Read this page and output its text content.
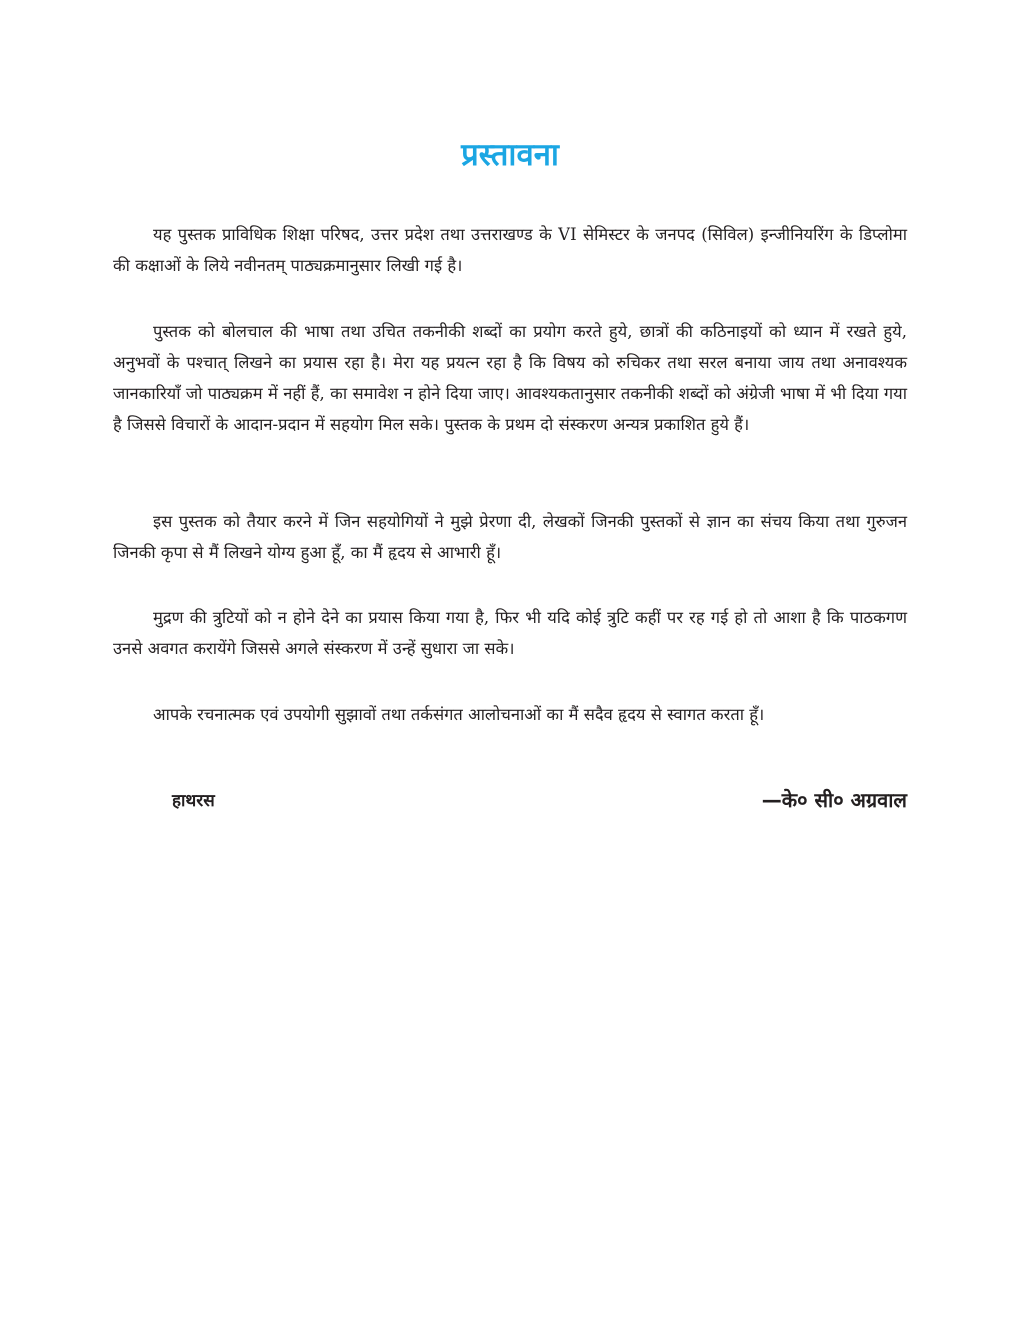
प्रस्तावना

यह पुस्तक प्राविधिक शिक्षा परिषद, उत्तर प्रदेश तथा उत्तराखण्ड के VI सेमिस्टर के जनपद (सिविल) इन्जीनियरिंग के डिप्लोमा की कक्षाओं के लिये नवीनतम् पाठ्यक्रमानुसार लिखी गई है।

पुस्तक को बोलचाल की भाषा तथा उचित तकनीकी शब्दों का प्रयोग करते हुये, छात्रों की कठिनाइयों को ध्यान में रखते हुये, अनुभवों के पश्चात् लिखने का प्रयास रहा है। मेरा यह प्रयत्न रहा है कि विषय को रुचिकर तथा सरल बनाया जाय तथा अनावश्यक जानकारियाँ जो पाठ्यक्रम में नहीं हैं, का समावेश न होने दिया जाए। आवश्यकतानुसार तकनीकी शब्दों को अंग्रेजी भाषा में भी दिया गया है जिससे विचारों के आदान-प्रदान में सहयोग मिल सके। पुस्तक के प्रथम दो संस्करण अन्यत्र प्रकाशित हुये हैं।

इस पुस्तक को तैयार करने में जिन सहयोगियों ने मुझे प्रेरणा दी, लेखकों जिनकी पुस्तकों से ज्ञान का संचय किया तथा गुरुजन जिनकी कृपा से मैं लिखने योग्य हुआ हूँ, का मैं हृदय से आभारी हूँ।

मुद्रण की त्रुटियों को न होने देने का प्रयास किया गया है, फिर भी यदि कोई त्रुटि कहीं पर रह गई हो तो आशा है कि पाठकगण उनसे अवगत करायेंगे जिससे अगले संस्करण में उन्हें सुधारा जा सके।

आपके रचनात्मक एवं उपयोगी सुझावों तथा तर्कसंगत आलोचनाओं का मैं सदैव हृदय से स्वागत करता हूँ।

हाथरस	—के० सी० अग्रवाल
